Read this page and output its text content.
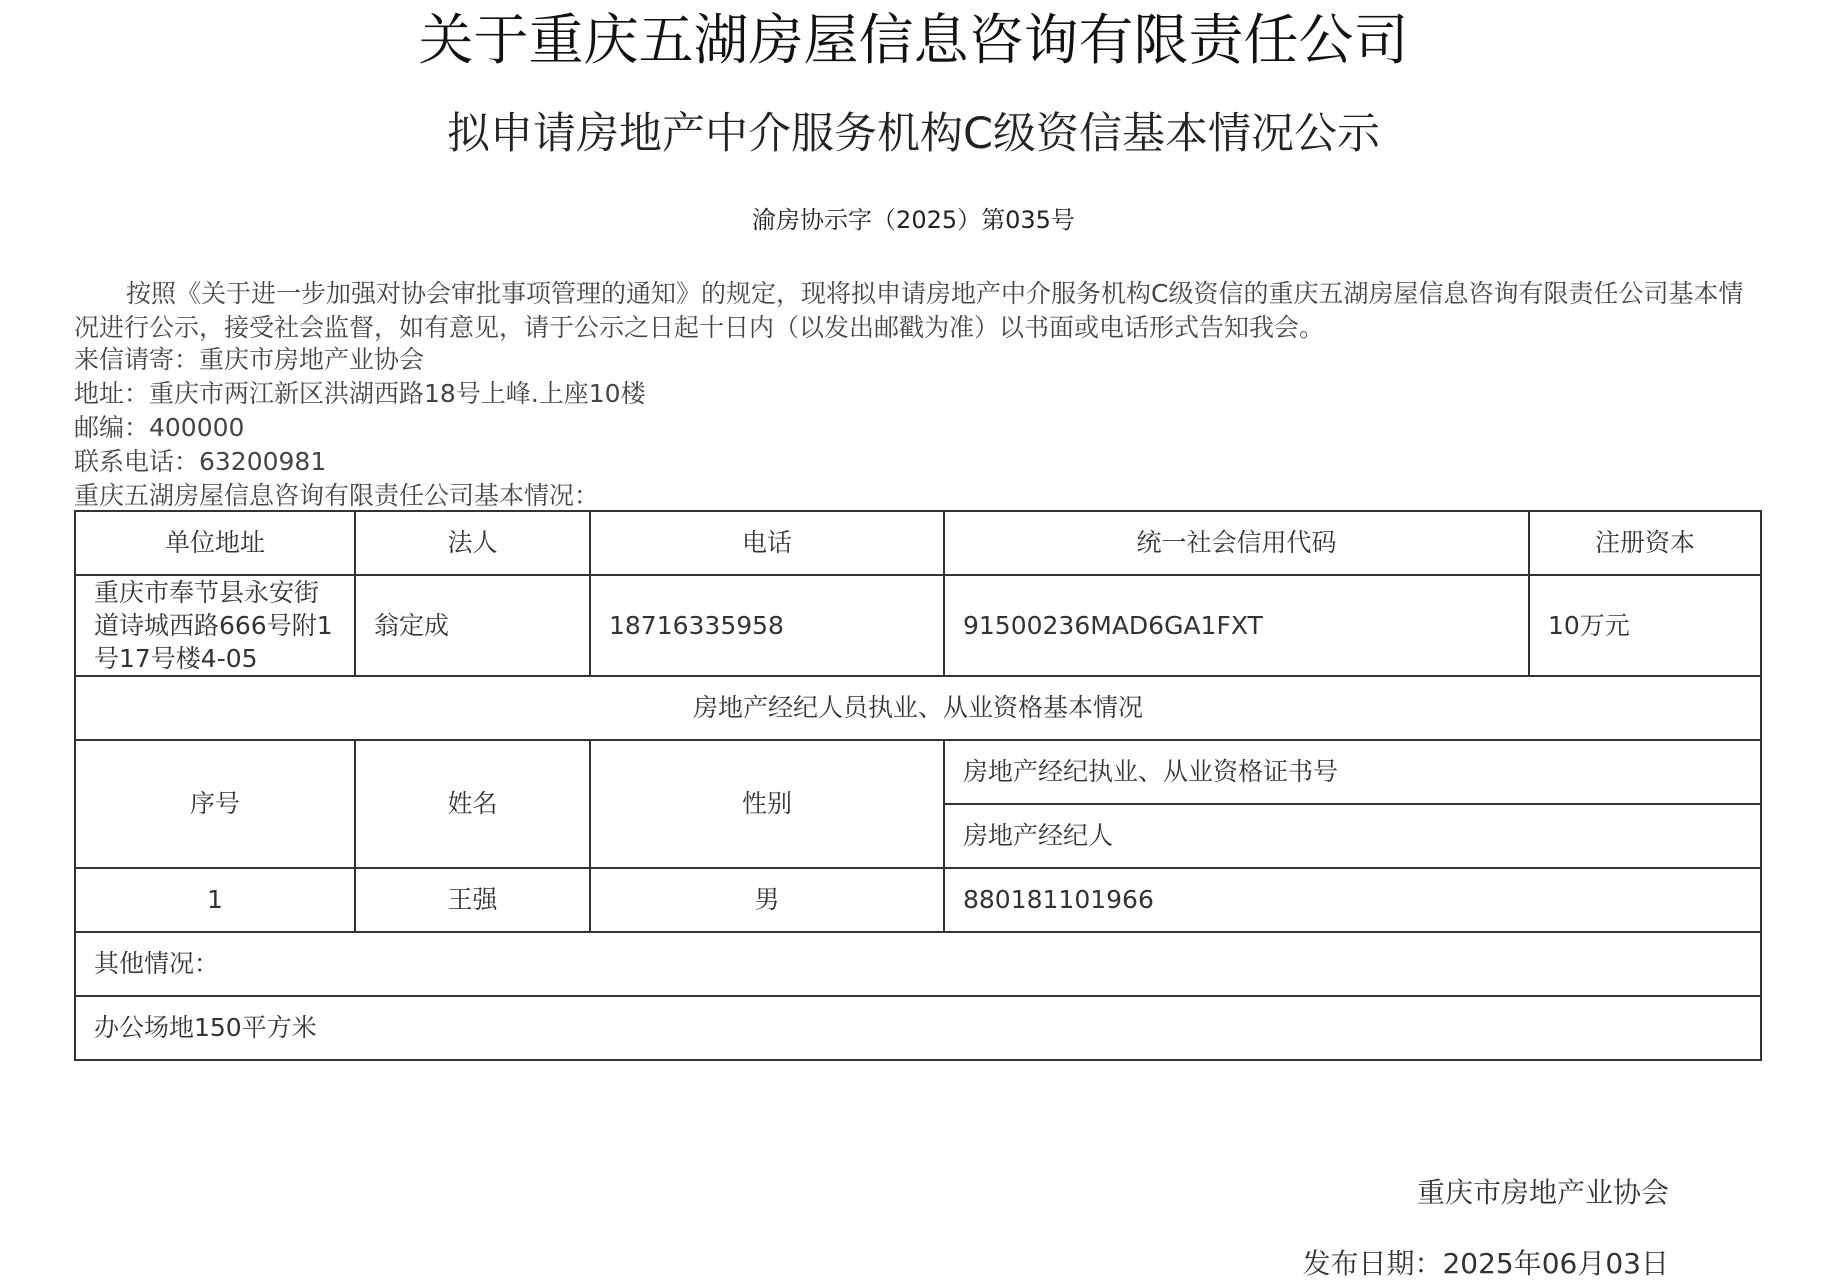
关于重庆五湖房屋信息咨询有限责任公司
拟申请房地产中介服务机构C级资信基本情况公示
渝房协示字（2025）第035号
按照《关于进一步加强对协会审批事项管理的通知》的规定，现将拟申请房地产中介服务机构C级资信的重庆五湖房屋信息咨询有限责任公司基本情况进行公示，接受社会监督，如有意见，请于公示之日起十日内（以发出邮戳为准）以书面或电话形式告知我会。
来信请寄：重庆市房地产业协会
地址：重庆市两江新区洪湖西路18号上峰.上座10楼
邮编：400000
联系电话：63200981
重庆五湖房屋信息咨询有限责任公司基本情况：
单位地址	法人	电话	统一社会信用代码	注册资本
重庆市奉节县永安街道诗城西路666号附1号17号楼4-05	翁定成	18716335958	91500236MAD6GA1FXT	10万元
房地产经纪人员执业、从业资格基本情况				
序号	姓名	性别	房地产经纪执业、从业资格证书号	
			房地产经纪人	
1	王强	男	880181101966	
其他情况：				
办公场地150平方米				
重庆市房地产业协会
发布日期：2025年06月03日
